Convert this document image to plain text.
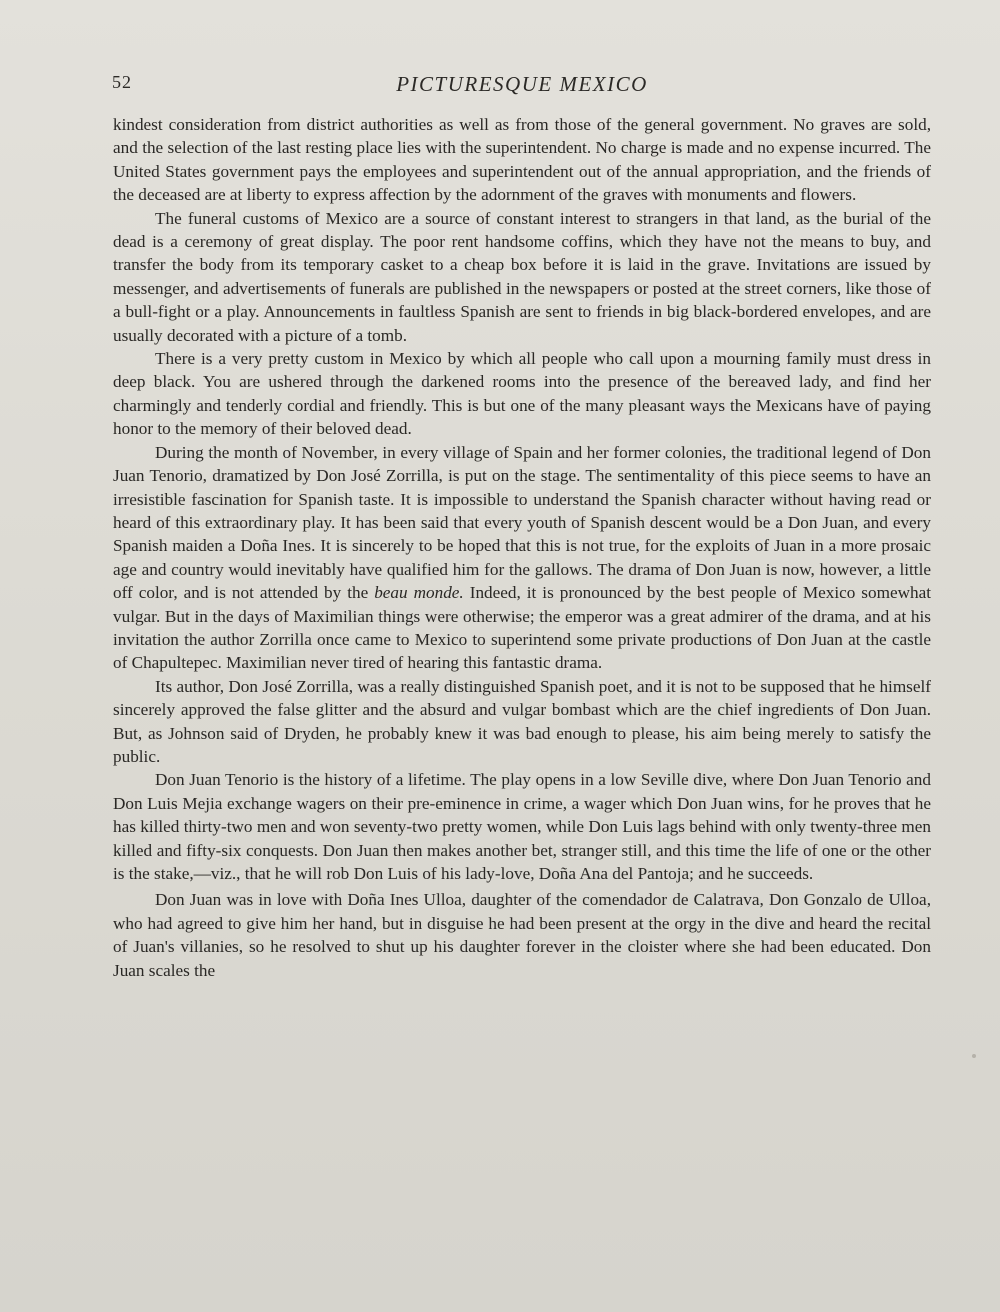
52	PICTURESQUE MEXICO

kindest consideration from district authorities as well as from those of the general government. No graves are sold, and the selection of the last resting place lies with the superintendent. No charge is made and no expense incurred. The United States government pays the employees and superintendent out of the annual appropriation, and the friends of the deceased are at liberty to express affection by the adornment of the graves with monuments and flowers.

The funeral customs of Mexico are a source of constant interest to strangers in that land, as the burial of the dead is a ceremony of great display. The poor rent handsome coffins, which they have not the means to buy, and transfer the body from its temporary casket to a cheap box before it is laid in the grave. Invitations are issued by messenger, and advertisements of funerals are published in the newspapers or posted at the street corners, like those of a bull-fight or a play. Announcements in faultless Spanish are sent to friends in big black-bordered envelopes, and are usually decorated with a picture of a tomb.

There is a very pretty custom in Mexico by which all people who call upon a mourning family must dress in deep black. You are ushered through the darkened rooms into the presence of the bereaved lady, and find her charmingly and tenderly cordial and friendly. This is but one of the many pleasant ways the Mexicans have of paying honor to the memory of their beloved dead.

During the month of November, in every village of Spain and her former colonies, the traditional legend of Don Juan Tenorio, dramatized by Don José Zorrilla, is put on the stage. The sentimentality of this piece seems to have an irresistible fascination for Spanish taste. It is impossible to understand the Spanish character without having read or heard of this extraordinary play. It has been said that every youth of Spanish descent would be a Don Juan, and every Spanish maiden a Doña Ines. It is sincerely to be hoped that this is not true, for the exploits of Juan in a more prosaic age and country would inevitably have qualified him for the gallows. The drama of Don Juan is now, however, a little off color, and is not attended by the beau monde. Indeed, it is pronounced by the best people of Mexico somewhat vulgar. But in the days of Maximilian things were otherwise; the emperor was a great admirer of the drama, and at his invitation the author Zorrilla once came to Mexico to superintend some private productions of Don Juan at the castle of Chapultepec. Maximilian never tired of hearing this fantastic drama.

Its author, Don José Zorrilla, was a really distinguished Spanish poet, and it is not to be supposed that he himself sincerely approved the false glitter and the absurd and vulgar bombast which are the chief ingredients of Don Juan. But, as Johnson said of Dryden, he probably knew it was bad enough to please, his aim being merely to satisfy the public.

Don Juan Tenorio is the history of a lifetime. The play opens in a low Seville dive, where Don Juan Tenorio and Don Luis Mejia exchange wagers on their pre-eminence in crime, a wager which Don Juan wins, for he proves that he has killed thirty-two men and won seventy-two pretty women, while Don Luis lags behind with only twenty-three men killed and fifty-six conquests. Don Juan then makes another bet, stranger still, and this time the life of one or the other is the stake,—viz., that he will rob Don Luis of his lady-love, Doña Ana del Pantoja; and he succeeds.

Don Juan was in love with Doña Ines Ulloa, daughter of the comendador de Calatrava, Don Gonzalo de Ulloa, who had agreed to give him her hand, but in disguise he had been present at the orgy in the dive and heard the recital of Juan's villanies, so he resolved to shut up his daughter forever in the cloister where she had been educated. Don Juan scales the
